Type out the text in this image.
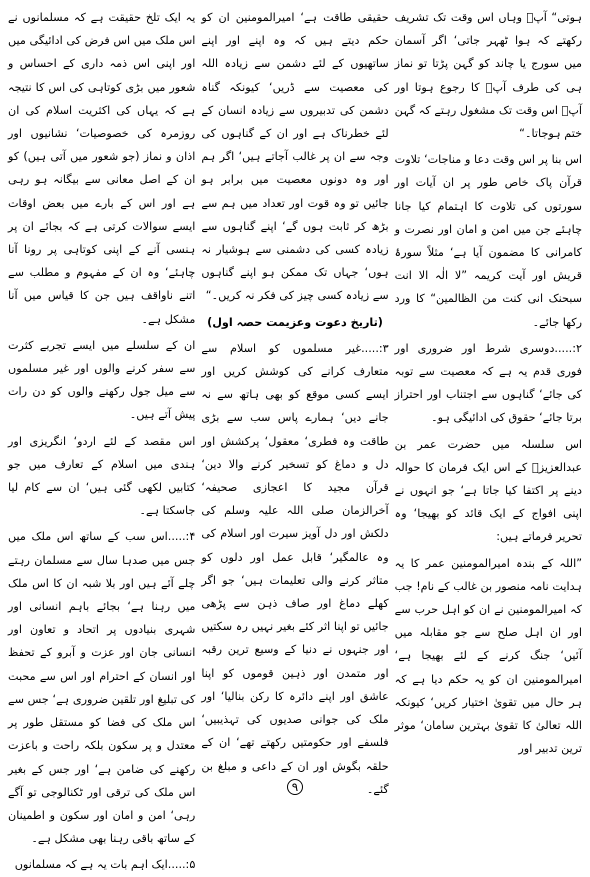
ہوتی“ آپؐ وہاں اس وقت تک تشریف رکھتے کہ ہوا ٹھہر جاتی‘ اگر آسمان میں سورج یا چاند کو گہن پڑتا تو نماز ہی کی طرف آپؐ کا رجوع ہوتا اور آپؐ اس وقت تک مشغول رہتے کہ گہن ختم ہوجاتا۔“

اس بنا پر اس وقت دعا و مناجات‘ تلاوت قرآن پاک خاص طور پر ان آیات اور سورتوں کی تلاوت کا اہتمام کیا جانا چاہئے جن میں امن و امان اور نصرت و کامرانی کا مضمون آیا ہے‘ مثلاً سورۂ قریش اور آیت کریمہ ”لا الٰہ الا انت سبحنک انی کنت من الظالمین“ کا ورد رکھا جائے۔

۲:.....دوسری شرط اور ضروری اور فوری قدم یہ ہے کہ معصیت سے توبہ کی جائے‘ گناہوں سے اجتناب اور احتراز برتا جائے‘ حقوق کی ادائیگی ہو۔

اس سلسلہ میں حضرت عمر بن عبدالعزیزؒ کے اس ایک فرمان کا حوالہ دینے پر اکتفا کیا جاتا ہے‘ جو انہوں نے اپنی افواج کے ایک قائد کو بھیجا‘ وہ تحریر فرماتے ہیں:

”اللہ کے بندہ امیرالمومنین عمر کا یہ ہدایت نامہ منصور بن غالب کے نام! جب کہ امیرالمومنین نے ان کو اہل حرب سے اور ان اہل صلح سے جو مقابلہ میں آئیں‘ جنگ کرنے کے لئے بھیجا ہے‘ امیرالمومنین ان کو یہ حکم دیا ہے کہ ہر حال میں تقویٰ اختیار کریں‘ کیونکہ اللہ تعالیٰ کا تقویٰ بہترین سامان‘ موثر ترین تدبیر اور

حقیقی طاقت ہے‘ امیرالمومنین ان کو حکم دیتے ہیں کہ وہ اپنے اور اپنے ساتھیوں کے لئے دشمن سے زیادہ اللہ کی معصیت سے ڈریں‘ کیونکہ گناہ دشمن کی تدبیروں سے زیادہ انسان کے لئے خطرناک ہے اور ان کے گناہوں کی وجہ سے ان پر غالب آجاتے ہیں‘ اگر ہم اور وہ دونوں معصیت میں برابر ہو جائیں تو وہ قوت اور تعداد میں ہم سے بڑھ کر ثابت ہوں گے‘ اپنے گناہوں سے زیادہ کسی کی دشمنی سے ہوشیار نہ ہوں‘ جہاں تک ممکن ہو اپنے گناہوں سے زیادہ کسی چیز کی فکر نہ کریں۔“

(تاریخ دعوت وعزیمت حصہ اول)

۳:.....غیر مسلموں کو اسلام سے متعارف کرانے کی کوشش کریں اور ایسے کسی موقع کو بھی ہاتھ سے نہ جانے دیں‘ ہمارے پاس سب سے بڑی طاقت وہ فطری‘ معقول‘ پرکشش اور دل و دماغ کو تسخیر کرنے والا دین‘ قرآن مجید کا اعجازی صحیفہ‘ آخرالزمان صلی اللہ علیہ وسلم کی دلکش اور دل آویز سیرت اور اسلام کی وہ عالمگیر‘ قابل عمل اور دلوں کو متاثر کرنے والی تعلیمات ہیں‘ جو اگر کھلے دماغ اور صاف ذہن سے پڑھی جائیں تو اپنا اثر کئے بغیر نہیں رہ سکتیں اور جنہوں نے دنیا کے وسیع ترین رقبہ اور متمدن اور ذہین قوموں کو اپنا عاشق اور اپنے دائرہ کا رکن بنالیا‘ اور ملک کی جوانی صدیوں کی تہذیبیں‘ فلسفے اور حکومتیں رکھتے تھے‘ ان کے حلقہ بگوش اور ان کے داعی و مبلغ بن گئے۔

یہ ایک تلخ حقیقت ہے کہ مسلمانوں نے اس ملک میں اس فرض کی ادائیگی میں اور اپنی اس ذمہ داری کے احساس و شعور میں بڑی کوتاہی کی اس کا نتیجہ ہے کہ یہاں کی اکثریت اسلام کی ان روزمرہ کی خصوصیات‘ نشانیوں اور اذان و نماز (جو شعور میں آتی ہیں) کو ان کے اصل معانی سے بیگانہ ہو رہی ہے اور اس کے بارے میں بعض اوقات ایسے سوالات کرتی ہے کہ بجائے ان پر ہنسی آنے کے اپنی کوتاہی پر رونا آنا چاہئے‘ وہ ان کے مفہوم و مطلب سے اتنے ناواقف ہیں جن کا قیاس میں آنا مشکل ہے۔

ان کے سلسلے میں ایسے تجربے کثرت سے سفر کرنے والوں اور غیر مسلموں سے میل جول رکھنے والوں کو دن رات پیش آتے ہیں۔

اس مقصد کے لئے اردو‘ انگریزی اور ہندی میں اسلام کے تعارف میں جو کتابیں لکھی گئی ہیں‘ ان سے کام لیا جاسکتا ہے۔

۴:.....اس سب کے ساتھ اس ملک میں جس میں صدہا سال سے مسلمان رہتے چلے آئے ہیں اور بلا شبہ ان کا اس ملک میں رہنا ہے‘ بجائے باہم انسانی اور شہری بنیادوں پر اتحاد و تعاون اور انسانی جان اور عزت و آبرو کے تحفظ اور انسان کے احترام اور اس سے محبت کی تبلیغ اور تلقین ضروری ہے‘ جس سے اس ملک کی فضا کو مستقل طور پر معتدل و پر سکون بلکہ راحت و باعزت رکھنے کی ضامن ہے‘ اور جس کے بغیر اس ملک کی ترقی اور ٹکنالوجی تو آگے رہی‘ امن و امان اور سکون و اطمینان کے ساتھ باقی رہنا بھی مشکل ہے۔

۵:.....ایک اہم بات یہ ہے کہ مسلمانوں

۹
